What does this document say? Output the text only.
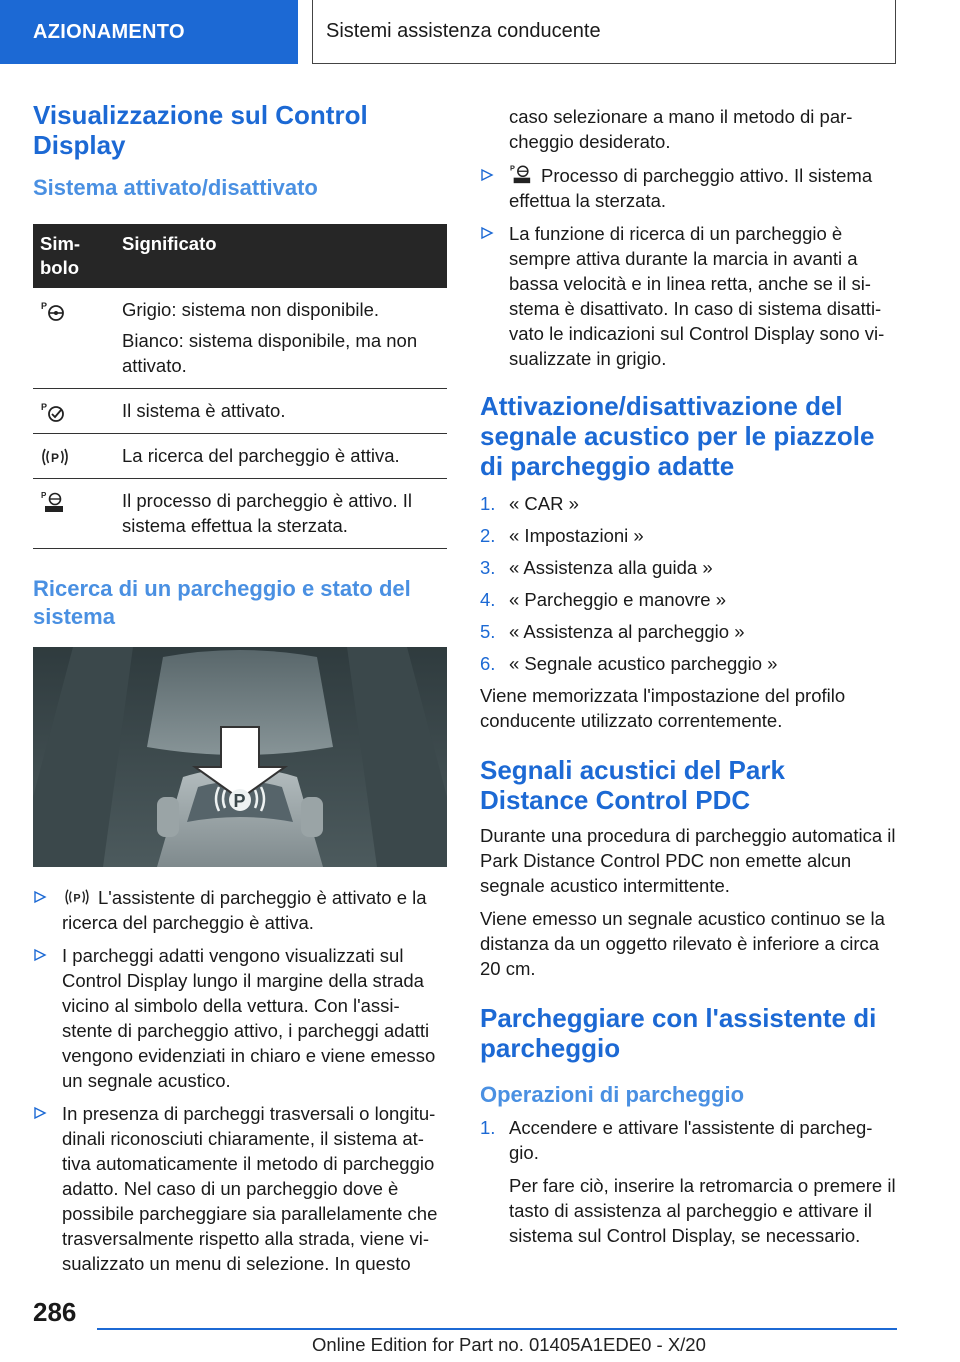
AZIONAMENTO	Sistemi assistenza conducente
Visualizzazione sul Control Display
Sistema attivato/disattivato
Sim-
bolo	Significato

P	Grigio: sistema non disponibile.

Bianco: sistema disponibile, ma non attivato.

P	Il sistema è attivato.

P	La ricerca del parcheggio è attiva.

P	Il processo di parcheggio è attivo. Il sistema effettua la sterzata.

Ricerca di un parcheggio e stato del sistema
P
P L'assistente di parcheggio è attivato e la ricerca del parcheggio è attiva.
I parcheggi adatti vengono visualizzati sul Control Display lungo il margine della strada vicino al simbolo della vettura. Con l'assi-stente di parcheggio attivo, i parcheggi adatti vengono evidenziati in chiaro e viene emesso un segnale acustico.
In presenza di parcheggi trasversali o longitu-dinali riconosciuti chiaramente, il sistema at-tiva automaticamente il metodo di parcheggio adatto. Nel caso di un parcheggio dove è possibile parcheggiare sia parallelamente che trasversalmente rispetto alla strada, viene vi-sualizzato un menu di selezione. In questo

caso selezionare a mano il metodo di par-cheggio desiderato.

P Processo di parcheggio attivo. Il sistema effettua la sterzata.
La funzione di ricerca di un parcheggio è sempre attiva durante la marcia in avanti a bassa velocità e in linea retta, anche se il si-stema è disattivato. In caso di sistema disatti-vato le indicazioni sul Control Display sono vi-sualizzate in grigio.
Attivazione/disattivazione del segnale acustico per le piazzole di parcheggio adatte
1. « CAR »
2. « Impostazioni »
3. « Assistenza alla guida »
4. « Parcheggio e manovre »
5. « Assistenza al parcheggio »
6. « Segnale acustico parcheggio »

Viene memorizzata l'impostazione del profilo conducente utilizzato correntemente.

Segnali acustici del Park Distance Control PDC

Durante una procedura di parcheggio automatica il Park Distance Control PDC non emette alcun segnale acustico intermittente.

Viene emesso un segnale acustico continuo se la distanza da un oggetto rilevato è inferiore a circa 20 cm.

Parcheggiare con l'assistente di parcheggio
Operazioni di parcheggio
1. Accendere e attivare l'assistente di parcheg-gio.

Per fare ciò, inserire la retromarcia o premere il tasto di assistenza al parcheggio e attivare il sistema sul Control Display, se necessario.

286
Online Edition for Part no. 01405A1EDE0 - X/20
